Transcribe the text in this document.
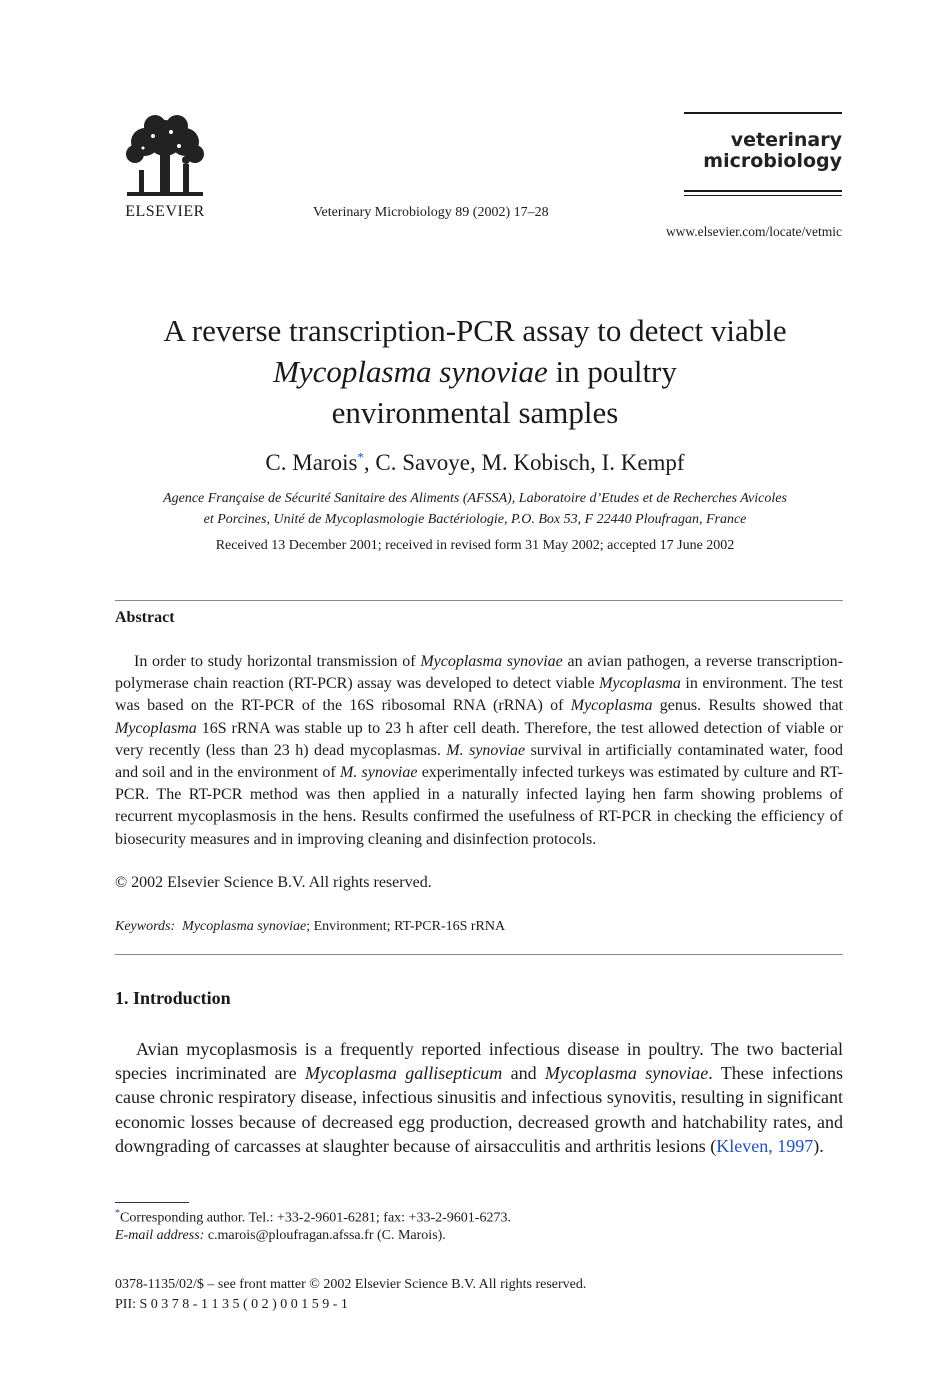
ELSEVIER	Veterinary Microbiology 89 (2002) 17–28
veterinary
microbiology
www.elsevier.com/locate/vetmic
A reverse transcription-PCR assay to detect viable
Mycoplasma synoviae in poultry
environmental samples
C. Marois*, C. Savoye, M. Kobisch, I. Kempf
Agence Française de Sécurité Sanitaire des Aliments (AFSSA), Laboratoire d’Etudes et de Recherches Avicoles
et Porcines, Unité de Mycoplasmologie Bactériologie, P.O. Box 53, F 22440 Ploufragan, France
Received 13 December 2001; received in revised form 31 May 2002; accepted 17 June 2002
Abstract
In order to study horizontal transmission of Mycoplasma synoviae an avian pathogen, a reverse transcription-polymerase chain reaction (RT-PCR) assay was developed to detect viable Mycoplasma in environment. The test was based on the RT-PCR of the 16S ribosomal RNA (rRNA) of Mycoplasma genus. Results showed that Mycoplasma 16S rRNA was stable up to 23 h after cell death. Therefore, the test allowed detection of viable or very recently (less than 23 h) dead mycoplasmas. M. synoviae survival in artificially contaminated water, food and soil and in the environment of M. synoviae experimentally infected turkeys was estimated by culture and RT-PCR. The RT-PCR method was then applied in a naturally infected laying hen farm showing problems of recurrent mycoplasmosis in the hens. Results confirmed the usefulness of RT-PCR in checking the efficiency of biosecurity measures and in improving cleaning and disinfection protocols.
© 2002 Elsevier Science B.V. All rights reserved.
Keywords: Mycoplasma synoviae; Environment; RT-PCR-16S rRNA
1. Introduction
Avian mycoplasmosis is a frequently reported infectious disease in poultry. The two bacterial species incriminated are Mycoplasma gallisepticum and Mycoplasma synoviae. These infections cause chronic respiratory disease, infectious sinusitis and infectious synovitis, resulting in significant economic losses because of decreased egg production, decreased growth and hatchability rates, and downgrading of carcasses at slaughter because of airsacculitis and arthritis lesions (Kleven, 1997).
*Corresponding author. Tel.: +33-2-9601-6281; fax: +33-2-9601-6273.
E-mail address: c.marois@ploufragan.afssa.fr (C. Marois).
0378-1135/02/$ – see front matter © 2002 Elsevier Science B.V. All rights reserved.
PII: S 0 3 7 8 - 1 1 3 5 ( 0 2 ) 0 0 1 5 9 - 1
